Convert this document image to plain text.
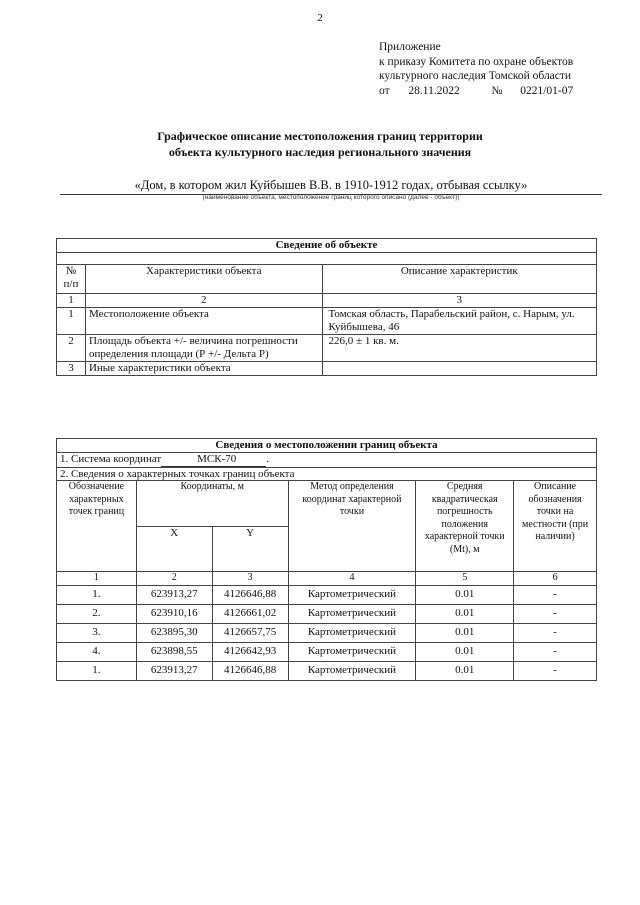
2
Приложение
к приказу Комитета по охране объектов
культурного наследия Томской области
от 28.11.2022	№ 0221/01-07
Графическое описание местоположения границ территории
объекта культурного наследия регионального значения
«Дом, в котором жил Куйбышев В.В. в 1910-1912 годах, отбывая ссылку»
(наименование объекта, местоположение границ которого описано (далее - объект))
Сведение об объекте		

№ п/п	Характеристики объекта	Описание характеристик
1	2	3
1	Местоположение объекта	Томская область, Парабельский район, с. Нарым, ул. Куйбышева, 46
2	Площадь объекта +/- величина погрешности определения площади (Р +/- Дельта Р)	226,0 ± 1 кв. м.
3	Иные характеристики объекта	
Сведения о местоположении границ объекта					
1. Система координат МСК-70 .					
2. Сведения о характерных точках границ объекта					
Обозначение характерных точек границ	Координаты, м		Метод определения координат характерной точки	Средняя квадратическая погрешность положения характерной точки (Mt), м	Описание обозначения точки на местности (при наличии)
	X	Y			
1	2	3	4	5	6
1.	623913,27	4126646,88	Картометрический	0.01	-
2.	623910,16	4126661,02	Картометрический	0.01	-
3.	623895,30	4126657,75	Картометрический	0.01	-
4.	623898,55	4126642,93	Картометрический	0.01	-
1.	623913,27	4126646,88	Картометрический	0.01	-
